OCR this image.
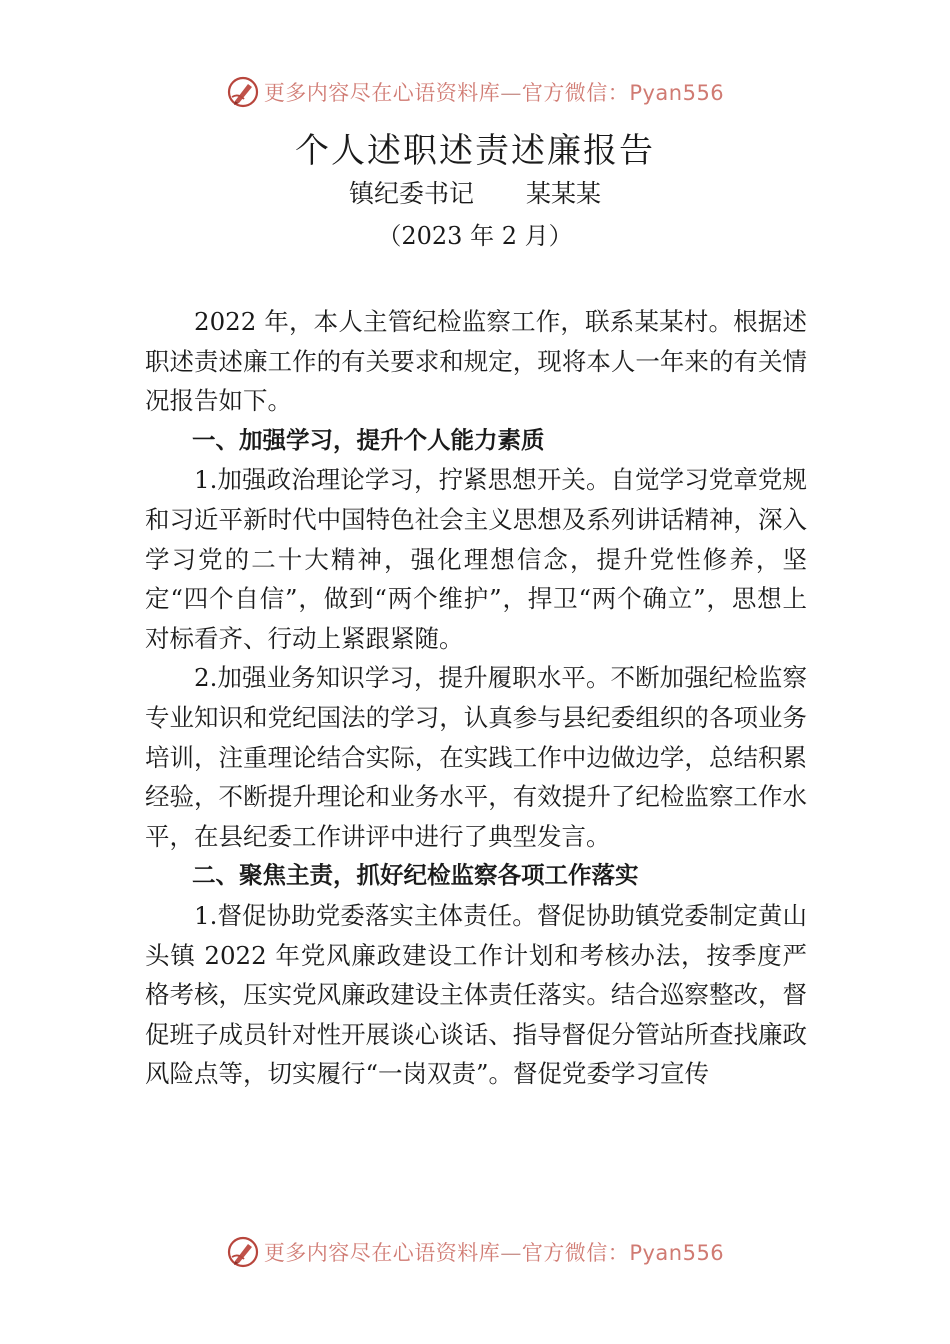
更多内容尽在心语资料库—官方微信：Pyan556
个人述职述责述廉报告
镇纪委书记 某某某
（2023 年 2 月）

2022 年，本人主管纪检监察工作，联系某某村。根据述职述责述廉工作的有关要求和规定，现将本人一年来的有关情况报告如下。

一、加强学习，提升个人能力素质

1.加强政治理论学习，拧紧思想开关。自觉学习党章党规和习近平新时代中国特色社会主义思想及系列讲话精神，深入学习党的二十大精神，强化理想信念，提升党性修养，坚定“四个自信”，做到“两个维护”，捍卫“两个确立”，思想上对标看齐、行动上紧跟紧随。

2.加强业务知识学习，提升履职水平。不断加强纪检监察专业知识和党纪国法的学习，认真参与县纪委组织的各项业务培训，注重理论结合实际，在实践工作中边做边学，总结积累经验，不断提升理论和业务水平，有效提升了纪检监察工作水平，在县纪委工作讲评中进行了典型发言。

二、聚焦主责，抓好纪检监察各项工作落实

1.督促协助党委落实主体责任。督促协助镇党委制定黄山头镇 2022 年党风廉政建设工作计划和考核办法，按季度严格考核，压实党风廉政建设主体责任落实。结合巡察整改，督促班子成员针对性开展谈心谈话、指导督促分管站所查找廉政风险点等，切实履行“一岗双责”。督促党委学习宣传

更多内容尽在心语资料库—官方微信：Pyan556
